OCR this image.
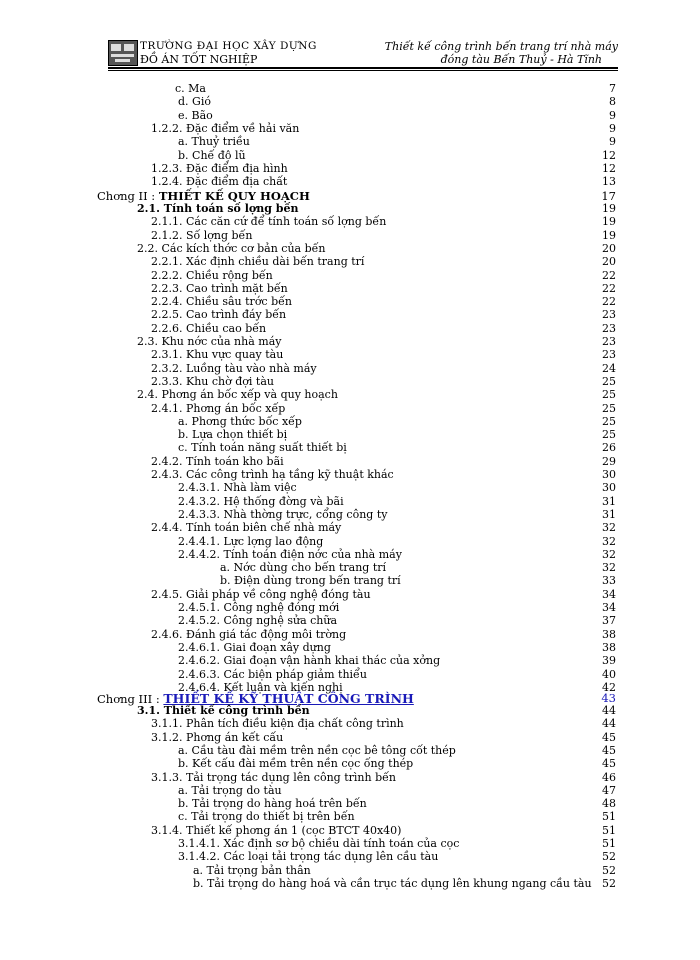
TRƯỜNG ĐẠI HỌC XÂY DỰNG
ĐỒ ÁN TỐT NGHIỆP
Thiết kế công trình bến trang trí nhà máy
đóng tàu Bến Thuỷ - Hà Tĩnh
c. Ma	7
d. Gió	8
e. Bão	9
1.2.2. Đặc điểm về hải văn	9
a. Thuỷ triều	9
b. Chế độ lũ	12
1.2.3. Đặc điểm địa hình	12
1.2.4. Đặc điểm địa chất	13
Chơng II : THIẾT KẾ QUY HOẠCH	17
2.1. Tính toán số lợng bến	19
2.1.1. Các căn cứ để tính toán số lợng bến	19
2.1.2. Số lợng bến	19
2.2. Các kích thớc cơ bản của bến	20
2.2.1. Xác định chiều dài bến trang trí	20
2.2.2. Chiều rộng bến	22
2.2.3. Cao trình mặt bến	22
2.2.4. Chiều sâu trớc bến	22
2.2.5. Cao trình đáy bến	23
2.2.6. Chiều cao bến	23
2.3. Khu nớc của nhà máy	23
2.3.1. Khu vực quay tàu	23
2.3.2. Luồng tàu vào nhà máy	24
2.3.3. Khu chờ đợi tàu	25
2.4. Phơng án bốc xếp và quy hoạch	25
2.4.1. Phơng án bốc xếp	25
a. Phơng thức bốc xếp	25
b. Lựa chọn thiết bị	25
c. Tính toán năng suất thiết bị	26
2.4.2. Tính toán kho bãi	29
2.4.3. Các công trình hạ tầng kỹ thuật khác	30
2.4.3.1. Nhà làm việc	30
2.4.3.2. Hệ thống đờng và bãi	31
2.4.3.3. Nhà thờng trực, cổng công ty	31
2.4.4. Tính toán biên chế nhà máy	32
2.4.4.1. Lực lợng lao động	32
2.4.4.2. Tính toán điện nớc của nhà máy	32
a. Nớc dùng cho bến trang trí	32
b. Điện dùng trong bến trang trí	33
2.4.5. Giải pháp về công nghệ đóng tàu	34
2.4.5.1. Công nghệ đóng mới	34
2.4.5.2. Công nghệ sửa chữa	37
2.4.6. Đánh giá tác động môi trờng	38
2.4.6.1. Giai đoạn xây dựng	38
2.4.6.2. Giai đoạn vận hành khai thác của xởng	39
2.4.6.3. Các biện pháp giảm thiểu	40
2.4.6.4. Kết luận và kiến nghị	42
Chơng III : THIẾT KẾ KỸ THUẬT CÔNG TRÌNH	43
3.1. Thiết kế công trình bến	44
3.1.1. Phân tích điều kiện địa chất công trình	44
3.1.2. Phơng án kết cấu	45
a. Cầu tàu đài mềm trên nền cọc bê tông cốt thép	45
b. Kết cấu đài mềm trên nền cọc ống thép	45
3.1.3. Tải trọng tác dụng lên công trình bến	46
a. Tải trọng do tàu	47
b. Tải trọng do hàng hoá trên bến	48
c. Tải trọng do thiết bị trên bến	51
3.1.4. Thiết kế phơng án 1 (cọc BTCT 40x40)	51
3.1.4.1. Xác định sơ bộ chiều dài tính toán của cọc	51
3.1.4.2. Các loại tải trọng tác dụng lên cầu tàu	52
a. Tải trọng bản thân	52
b. Tải trọng do hàng hoá và cần trục tác dụng lên khung ngang cầu tàu 52
